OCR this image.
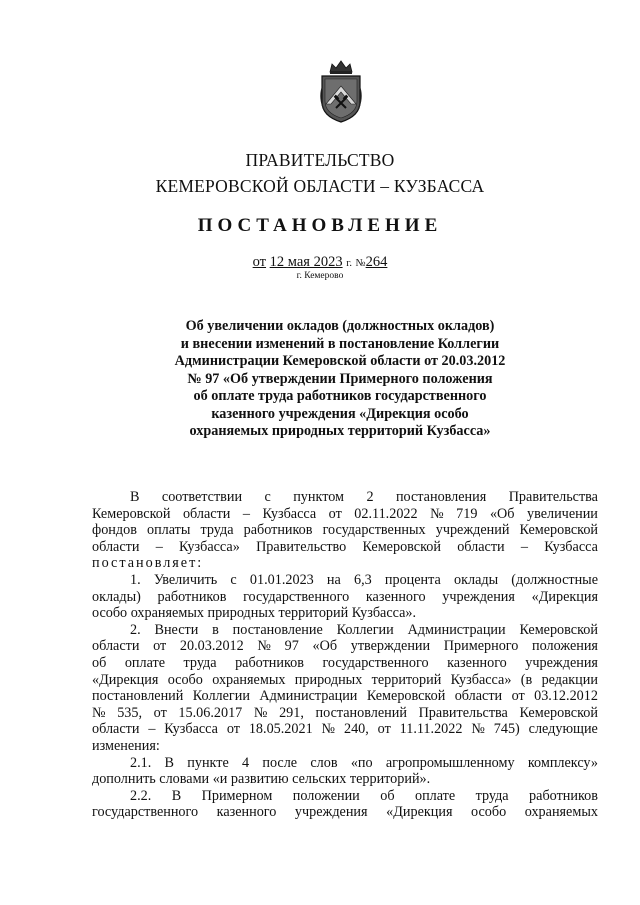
ПРАВИТЕЛЬСТВО
КЕМЕРОВСКОЙ ОБЛАСТИ – КУЗБАССА
ПОСТАНОВЛЕНИЕ
от 12 мая 2023 г. №264
г. Кемерово
Об увеличении окладов (должностных окладов)
и внесении изменений в постановление Коллегии
Администрации Кемеровской области от 20.03.2012
№ 97 «Об утверждении Примерного положения
об оплате труда работников государственного
казенного учреждения «Дирекция особо
охраняемых природных территорий Кузбасса»
В соответствии с пунктом 2 постановления Правительства
Кемеровской области – Кузбасса от 02.11.2022 № 719 «Об увеличении
фондов оплаты труда работников государственных учреждений Кемеровской
области – Кузбасса» Правительство Кемеровской области – Кузбасса
постановляет:
1. Увеличить с 01.01.2023 на 6,3 процента оклады (должностные
оклады) работников государственного казенного учреждения «Дирекция
особо охраняемых природных территорий Кузбасса».
2. Внести в постановление Коллегии Администрации Кемеровской
области от 20.03.2012 № 97 «Об утверждении Примерного положения
об оплате труда работников государственного казенного учреждения
«Дирекция особо охраняемых природных территорий Кузбасса» (в редакции
постановлений Коллегии Администрации Кемеровской области от 03.12.2012
№ 535, от 15.06.2017 № 291, постановлений Правительства Кемеровской
области – Кузбасса от 18.05.2021 № 240, от 11.11.2022 № 745) следующие
изменения:
2.1. В пункте 4 после слов «по агропромышленному комплексу»
дополнить словами «и развитию сельских территорий».
2.2. В Примерном положении об оплате труда работников
государственного казенного учреждения «Дирекция особо охраняемых
